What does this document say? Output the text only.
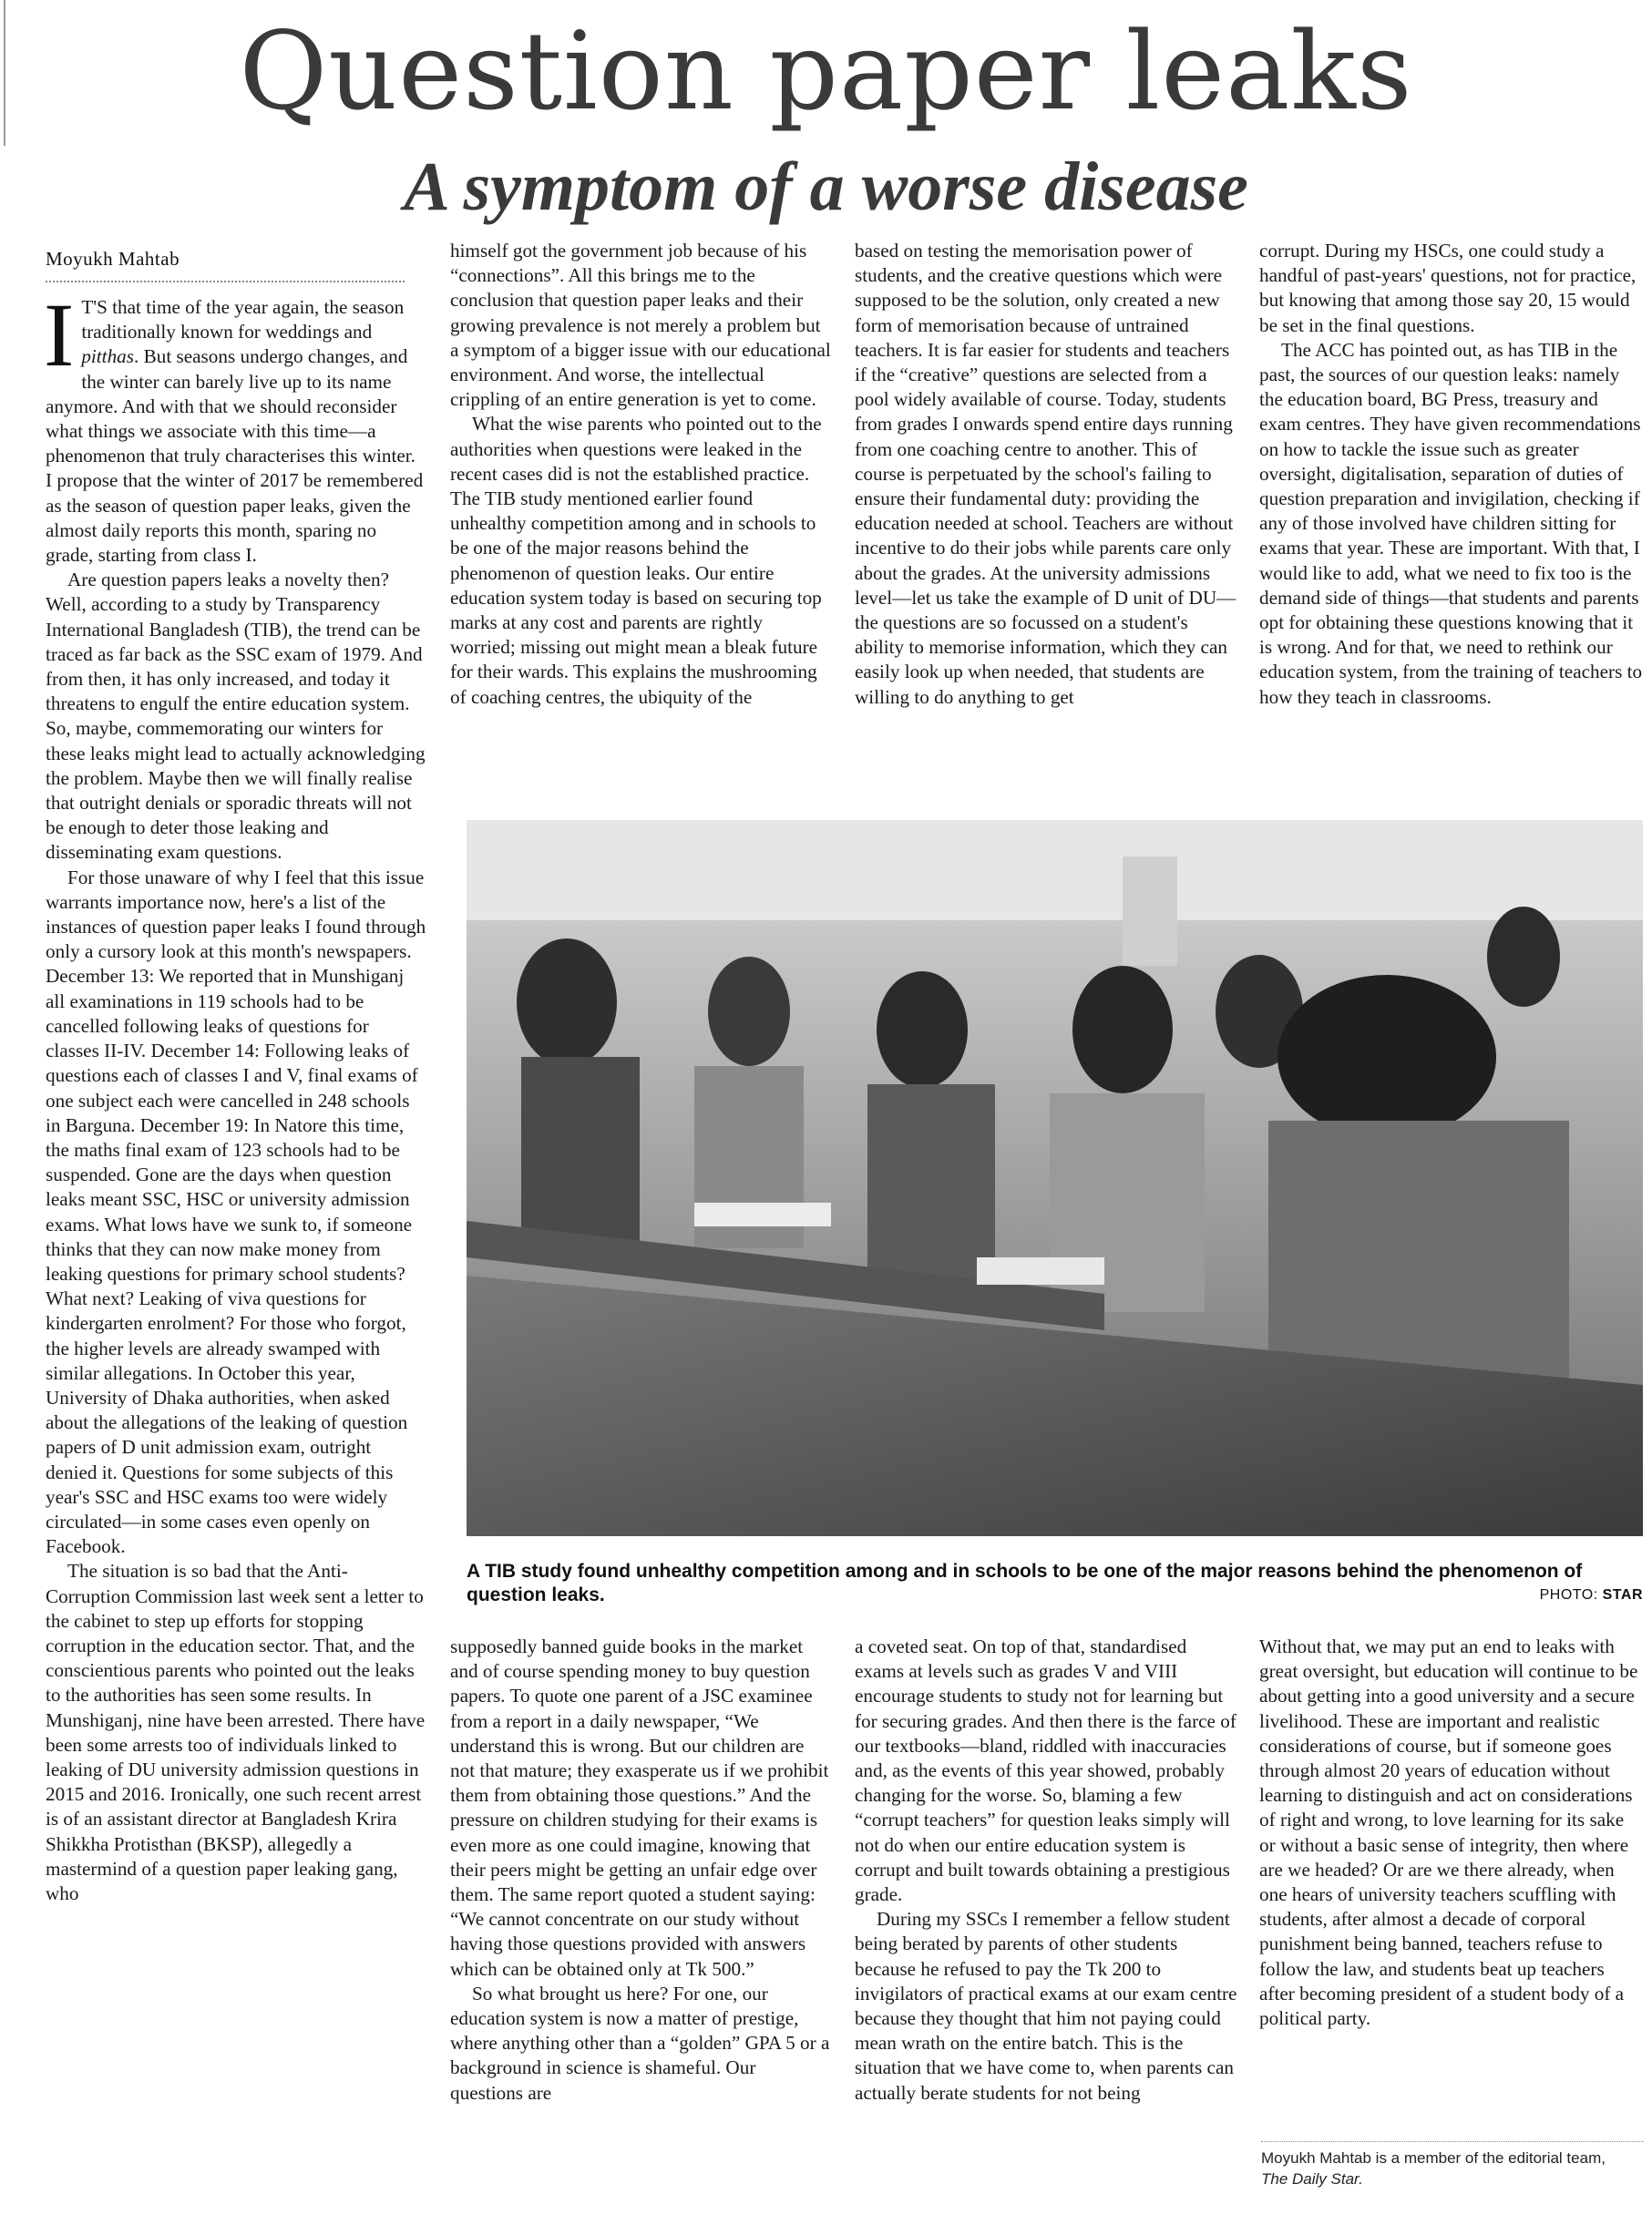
Question paper leaks
A symptom of a worse disease
Moyukh Mahtab

I T'S that time of the year again, the season traditionally known for weddings and pitthas. But seasons undergo changes, and the winter can barely live up to its name anymore. And with that we should reconsider what things we associate with this time—a phenomenon that truly characterises this winter. I propose that the winter of 2017 be remembered as the season of question paper leaks, given the almost daily reports this month, sparing no grade, starting from class I.

Are question papers leaks a novelty then? Well, according to a study by Transparency International Bangladesh (TIB), the trend can be traced as far back as the SSC exam of 1979. And from then, it has only increased, and today it threatens to engulf the entire education system. So, maybe, commemorating our winters for these leaks might lead to actually acknowledging the problem. Maybe then we will finally realise that outright denials or sporadic threats will not be enough to deter those leaking and disseminating exam questions.

For those unaware of why I feel that this issue warrants importance now, here's a list of the instances of question paper leaks I found through only a cursory look at this month's newspapers. December 13: We reported that in Munshiganj all examinations in 119 schools had to be cancelled following leaks of questions for classes II-IV. December 14: Following leaks of questions each of classes I and V, final exams of one subject each were cancelled in 248 schools in Barguna. December 19: In Natore this time, the maths final exam of 123 schools had to be suspended. Gone are the days when question leaks meant SSC, HSC or university admission exams. What lows have we sunk to, if someone thinks that they can now make money from leaking questions for primary school students? What next? Leaking of viva questions for kindergarten enrolment? For those who forgot, the higher levels are already swamped with similar allegations. In October this year, University of Dhaka authorities, when asked about the allegations of the leaking of question papers of D unit admission exam, outright denied it. Questions for some subjects of this year's SSC and HSC exams too were widely circulated—in some cases even openly on Facebook.

The situation is so bad that the Anti-Corruption Commission last week sent a letter to the cabinet to step up efforts for stopping corruption in the education sector. That, and the conscientious parents who pointed out the leaks to the authorities has seen some results. In Munshiganj, nine have been arrested. There have been some arrests too of individuals linked to leaking of DU university admission questions in 2015 and 2016. Ironically, one such recent arrest is of an assistant director at Bangladesh Krira Shikkha Protisthan (BKSP), allegedly a mastermind of a question paper leaking gang, who

himself got the government job because of his “connections”. All this brings me to the conclusion that question paper leaks and their growing prevalence is not merely a problem but a symptom of a bigger issue with our educational environment. And worse, the intellectual crippling of an entire generation is yet to come.

What the wise parents who pointed out to the authorities when questions were leaked in the recent cases did is not the established practice. The TIB study mentioned earlier found unhealthy competition among and in schools to be one of the major reasons behind the phenomenon of question leaks. Our entire education system today is based on securing top marks at any cost and parents are rightly worried; missing out might mean a bleak future for their wards. This explains the mushrooming of coaching centres, the ubiquity of the

based on testing the memorisation power of students, and the creative questions which were supposed to be the solution, only created a new form of memorisation because of untrained teachers. It is far easier for students and teachers if the “creative” questions are selected from a pool widely available of course. Today, students from grades I onwards spend entire days running from one coaching centre to another. This of course is perpetuated by the school's failing to ensure their fundamental duty: providing the education needed at school. Teachers are without incentive to do their jobs while parents care only about the grades. At the university admissions level—let us take the example of D unit of DU—the questions are so focussed on a student's ability to memorise information, which they can easily look up when needed, that students are willing to do anything to get

corrupt. During my HSCs, one could study a handful of past-years' questions, not for practice, but knowing that among those say 20, 15 would be set in the final questions.

The ACC has pointed out, as has TIB in the past, the sources of our question leaks: namely the education board, BG Press, treasury and exam centres. They have given recommendations on how to tackle the issue such as greater oversight, digitalisation, separation of duties of question preparation and invigilation, checking if any of those involved have children sitting for exams that year. These are important. With that, I would like to add, what we need to fix too is the demand side of things—that students and parents opt for obtaining these questions knowing that it is wrong. And for that, we need to rethink our education system, from the training of teachers to how they teach in classrooms.

A TIB study found unhealthy competition among and in schools to be one of the major reasons behind the phenomenon of question leaks.	PHOTO: STAR

supposedly banned guide books in the market and of course spending money to buy question papers. To quote one parent of a JSC examinee from a report in a daily newspaper, “We understand this is wrong. But our children are not that mature; they exasperate us if we prohibit them from obtaining those questions.” And the pressure on children studying for their exams is even more as one could imagine, knowing that their peers might be getting an unfair edge over them. The same report quoted a student saying: “We cannot concentrate on our study without having those questions provided with answers which can be obtained only at Tk 500.”

So what brought us here? For one, our education system is now a matter of prestige, where anything other than a “golden” GPA 5 or a background in science is shameful. Our questions are

a coveted seat. On top of that, standardised exams at levels such as grades V and VIII encourage students to study not for learning but for securing grades. And then there is the farce of our textbooks—bland, riddled with inaccuracies and, as the events of this year showed, probably changing for the worse. So, blaming a few “corrupt teachers” for question leaks simply will not do when our entire education system is corrupt and built towards obtaining a prestigious grade.

During my SSCs I remember a fellow student being berated by parents of other students because he refused to pay the Tk 200 to invigilators of practical exams at our exam centre because they thought that him not paying could mean wrath on the entire batch. This is the situation that we have come to, when parents can actually berate students for not being

Without that, we may put an end to leaks with great oversight, but education will continue to be about getting into a good university and a secure livelihood. These are important and realistic considerations of course, but if someone goes through almost 20 years of education without learning to distinguish and act on considerations of right and wrong, to love learning for its sake or without a basic sense of integrity, then where are we headed? Or are we there already, when one hears of university teachers scuffling with students, after almost a decade of corporal punishment being banned, teachers refuse to follow the law, and students beat up teachers after becoming president of a student body of a political party.

Moyukh Mahtab is a member of the editorial team,
The Daily Star.
